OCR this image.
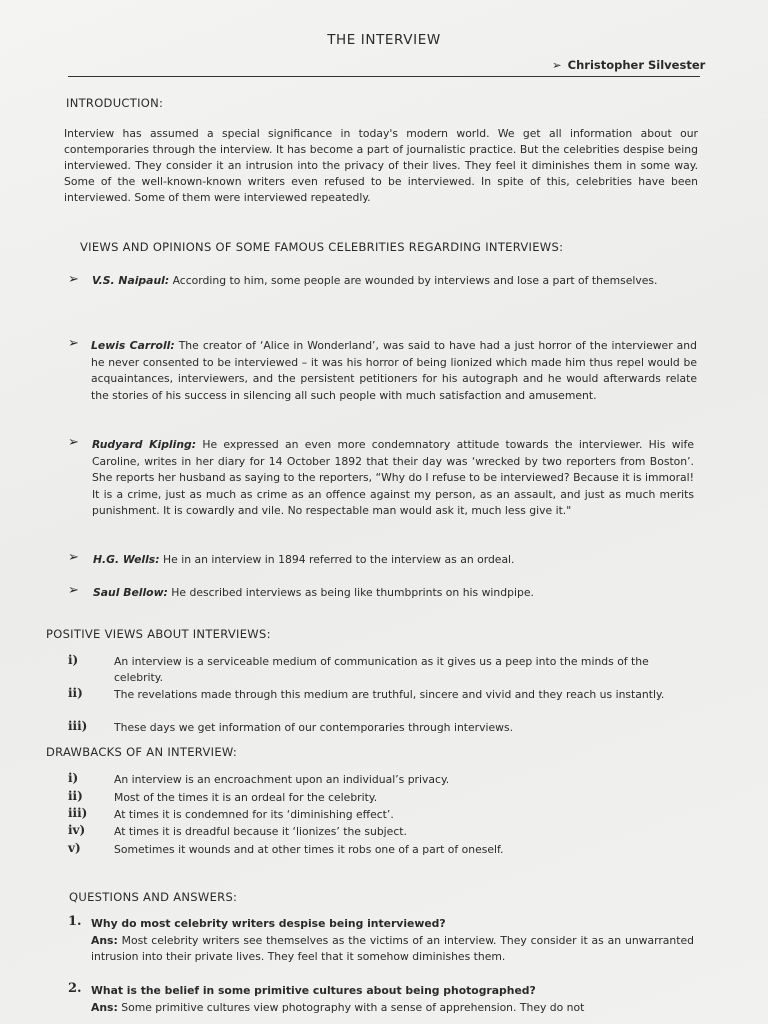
THE INTERVIEW
➢ Christopher Silvester
INTRODUCTION:
Interview has assumed a special significance in today's modern world. We get all information about our contemporaries through the interview. It has become a part of journalistic practice. But the celebrities despise being interviewed. They consider it an intrusion into the privacy of their lives. They feel it diminishes them in some way. Some of the well-known-known writers even refused to be interviewed. In spite of this, celebrities have been interviewed. Some of them were interviewed repeatedly.
VIEWS AND OPINIONS OF SOME FAMOUS CELEBRITIES REGARDING INTERVIEWS:
➢ V.S. Naipaul: According to him, some people are wounded by interviews and lose a part of themselves.
➢ Lewis Carroll: The creator of ‘Alice in Wonderland’, was said to have had a just horror of the interviewer and he never consented to be interviewed – it was his horror of being lionized which made him thus repel would be acquaintances, interviewers, and the persistent petitioners for his autograph and he would afterwards relate the stories of his success in silencing all such people with much satisfaction and amusement.
➢ Rudyard Kipling: He expressed an even more condemnatory attitude towards the interviewer. His wife Caroline, writes in her diary for 14 October 1892 that their day was ‘wrecked by two reporters from Boston’. She reports her husband as saying to the reporters, “Why do I refuse to be interviewed? Because it is immoral! It is a crime, just as much as crime as an offence against my person, as an assault, and just as much merits punishment. It is cowardly and vile. No respectable man would ask it, much less give it."
➢ H.G. Wells: He in an interview in 1894 referred to the interview as an ordeal.
➢ Saul Bellow: He described interviews as being like thumbprints on his windpipe.
POSITIVE VIEWS ABOUT INTERVIEWS:
i)	An interview is a serviceable medium of communication as it gives us a peep into the minds of the celebrity.
ii)	The revelations made through this medium are truthful, sincere and vivid and they reach us instantly.
iii) These days we get information of our contemporaries through interviews.
DRAWBACKS OF AN INTERVIEW:
i)	An interview is an encroachment upon an individual’s privacy.
ii)	Most of the times it is an ordeal for the celebrity.
iii) At times it is condemned for its ‘diminishing effect’.
iv)	At times it is dreadful because it ‘lionizes’ the subject.
v)	Sometimes it wounds and at other times it robs one of a part of oneself.
QUESTIONS AND ANSWERS:
1. Why do most celebrity writers despise being interviewed?
Ans: Most celebrity writers see themselves as the victims of an interview. They consider it as an unwarranted intrusion into their private lives. They feel that it somehow diminishes them.
2. What is the belief in some primitive cultures about being photographed?
Ans: Some primitive cultures view photography with a sense of apprehension. They do not
